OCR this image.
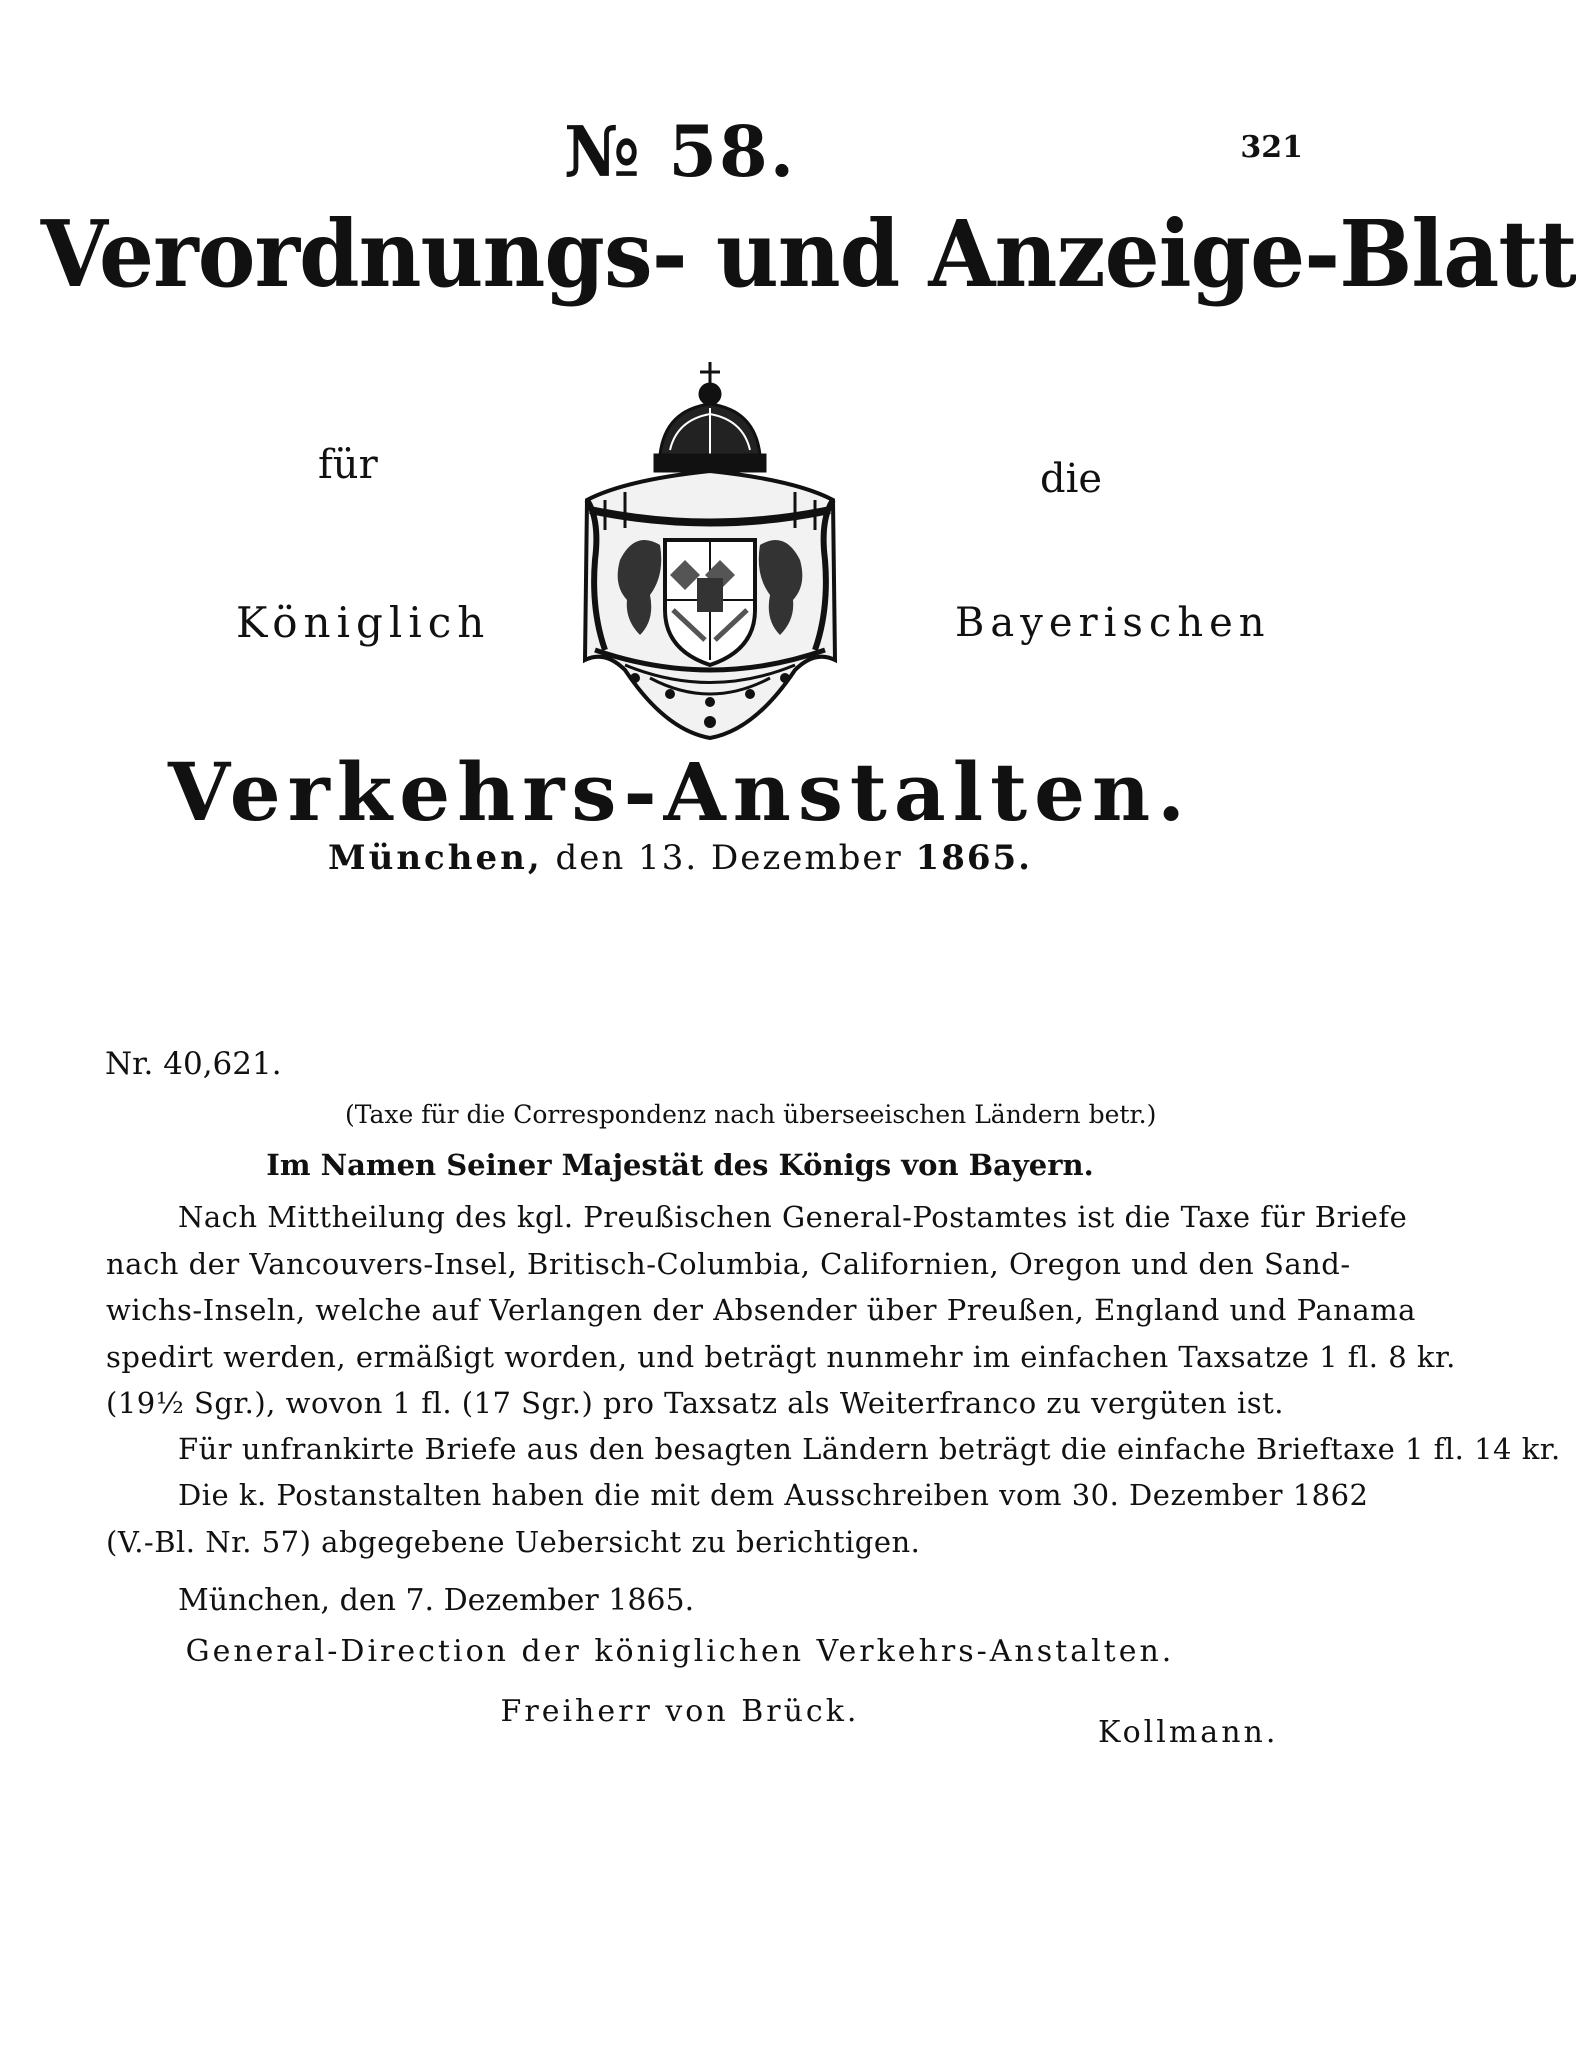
№ 58.	321
Verordnungs- und Anzeige-Blatt
für	die
Königlich	Bayerischen
Verkehrs-Anstalten.
München, den 13. Dezember 1865.
Nr. 40,621.
(Taxe für die Correspondenz nach überseeischen Ländern betr.)
Im Namen Seiner Majestät des Königs von Bayern.
Nach Mittheilung des kgl. Preußischen General-Postamtes ist die Taxe für Briefe
nach der Vancouvers-Insel, Britisch-Columbia, Californien, Oregon und den Sand-
wichs-Inseln, welche auf Verlangen der Absender über Preußen, England und Panama
spedirt werden, ermäßigt worden, und beträgt nunmehr im einfachen Taxsatze 1 fl. 8 kr.
(19½ Sgr.), wovon 1 fl. (17 Sgr.) pro Taxsatz als Weiterfranco zu vergüten ist.
Für unfrankirte Briefe aus den besagten Ländern beträgt die einfache Brieftaxe 1 fl. 14 kr.
Die k. Postanstalten haben die mit dem Ausschreiben vom 30. Dezember 1862
(V.-Bl. Nr. 57) abgegebene Uebersicht zu berichtigen.
München, den 7. Dezember 1865.
General-Direction der königlichen Verkehrs-Anstalten.
Freiherr von Brück.
Kollmann.
